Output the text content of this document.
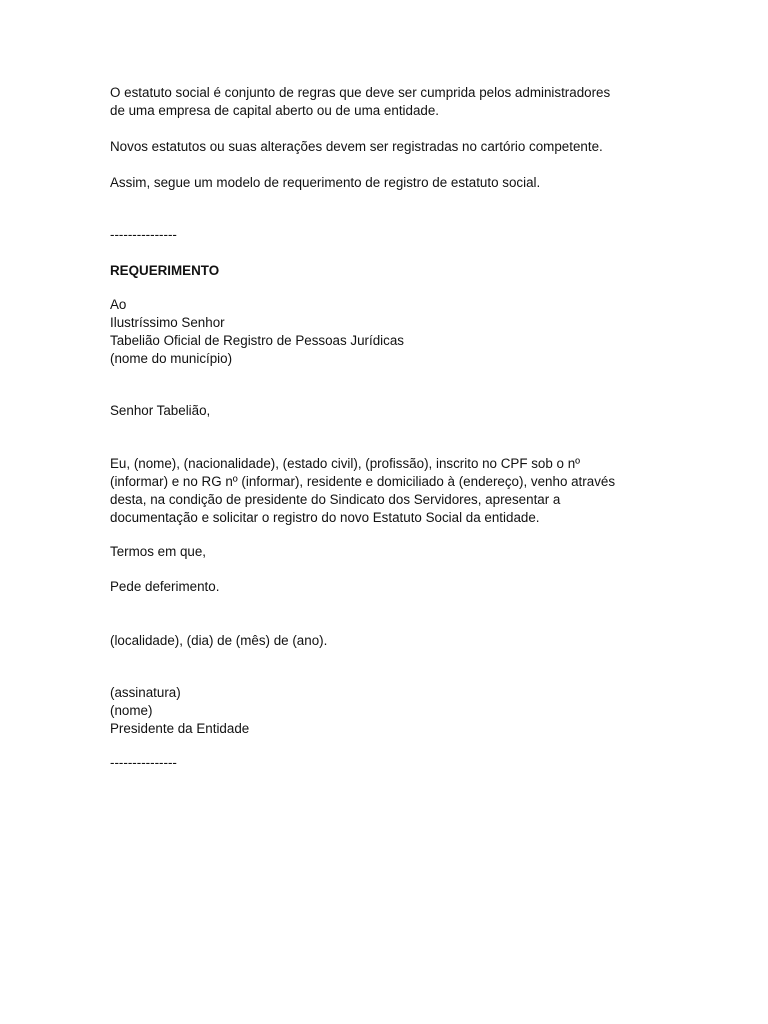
O estatuto social é conjunto de regras que deve ser cumprida pelos administradores
de uma empresa de capital aberto ou de uma entidade.

Novos estatutos ou suas alterações devem ser registradas no cartório competente.

Assim, segue um modelo de requerimento de registro de estatuto social.

---------------

REQUERIMENTO

Ao
Ilustríssimo Senhor
Tabelião Oficial de Registro de Pessoas Jurídicas
(nome do município)

Senhor Tabelião,

Eu, (nome), (nacionalidade), (estado civil), (profissão), inscrito no CPF sob o nº
(informar) e no RG nº (informar), residente e domiciliado à (endereço), venho através
desta, na condição de presidente do Sindicato dos Servidores, apresentar a
documentação e solicitar o registro do novo Estatuto Social da entidade.

Termos em que,

Pede deferimento.

(localidade), (dia) de (mês) de (ano).

(assinatura)
(nome)
Presidente da Entidade

---------------
